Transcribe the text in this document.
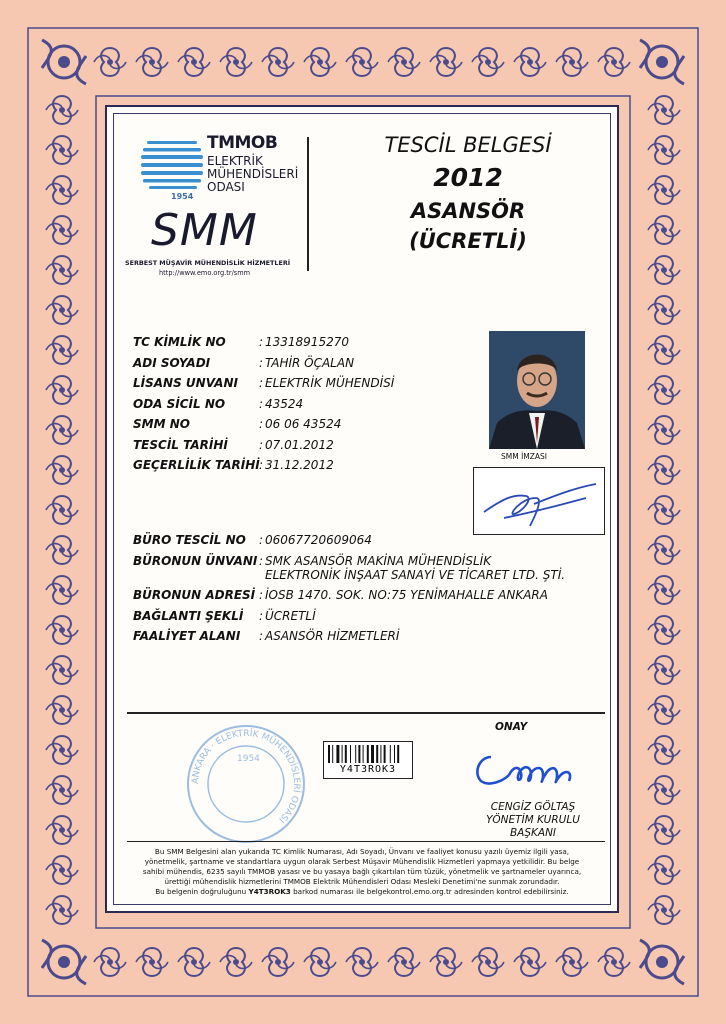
TMMOB
ELEKTRİK
MÜHENDİSLERİ
ODASI
1954
SMM
SERBEST MÜŞAVİR MÜHENDİSLİK HİZMETLERİ
http://www.emo.org.tr/smm
TESCİL BELGESİ
2012
ASANSÖR
(ÜCRETLİ)
TC KİMLİK NO	: 13318915270
ADI SOYADI	: TAHİR ÖÇALAN
LİSANS UNVANI	: ELEKTRİK MÜHENDİSİ
ODA SİCİL NO	: 43524
SMM NO	: 06 06 43524
TESCİL TARİHİ	: 07.01.2012
GEÇERLİLİK TARİHİ : 31.12.2012
SMM İMZASI
BÜRO TESCİL NO	: 06067720609064
BÜRONUN ÜNVANI : SMK ASANSÖR MAKİNA MÜHENDİSLİK
ELEKTRONİK İNŞAAT SANAYİ VE TİCARET LTD. ŞTİ.
BÜRONUN ADRESİ : İOSB 1470. SOK. NO:75 YENİMAHALLE ANKARA
BAĞLANTI ŞEKLİ	: ÜCRETLİ
FAALİYET ALANI	: ASANSÖR HİZMETLERİ
ANKARA · ELEKTRİK MÜHENDİSLERİ ODASI
1954
Y4T3ROK3
ONAY
CENGİZ GÖLTAŞ
YÖNETİM KURULU
BAŞKANI
Bu SMM Belgesini alan yukarıda TC Kimlik Numarası, Adı Soyadı, Ünvanı ve faaliyet konusu yazılı üyemiz ilgili yasa,
yönetmelik, şartname ve standartlara uygun olarak Serbest Müşavir Mühendislik Hizmetleri yapmaya yetkilidir. Bu belge
sahibi mühendis, 6235 sayılı TMMOB yasası ve bu yasaya bağlı çıkartılan tüm tüzük, yönetmelik ve şartnameler uyarınca,
ürettiği mühendislik hizmetlerini TMMOB Elektrik Mühendisleri Odası Mesleki Denetimi'ne sunmak zorundadır.
Bu belgenin doğruluğunu Y4T3ROK3 barkod numarası ile belgekontrol.emo.org.tr adresinden kontrol edebilirsiniz.
